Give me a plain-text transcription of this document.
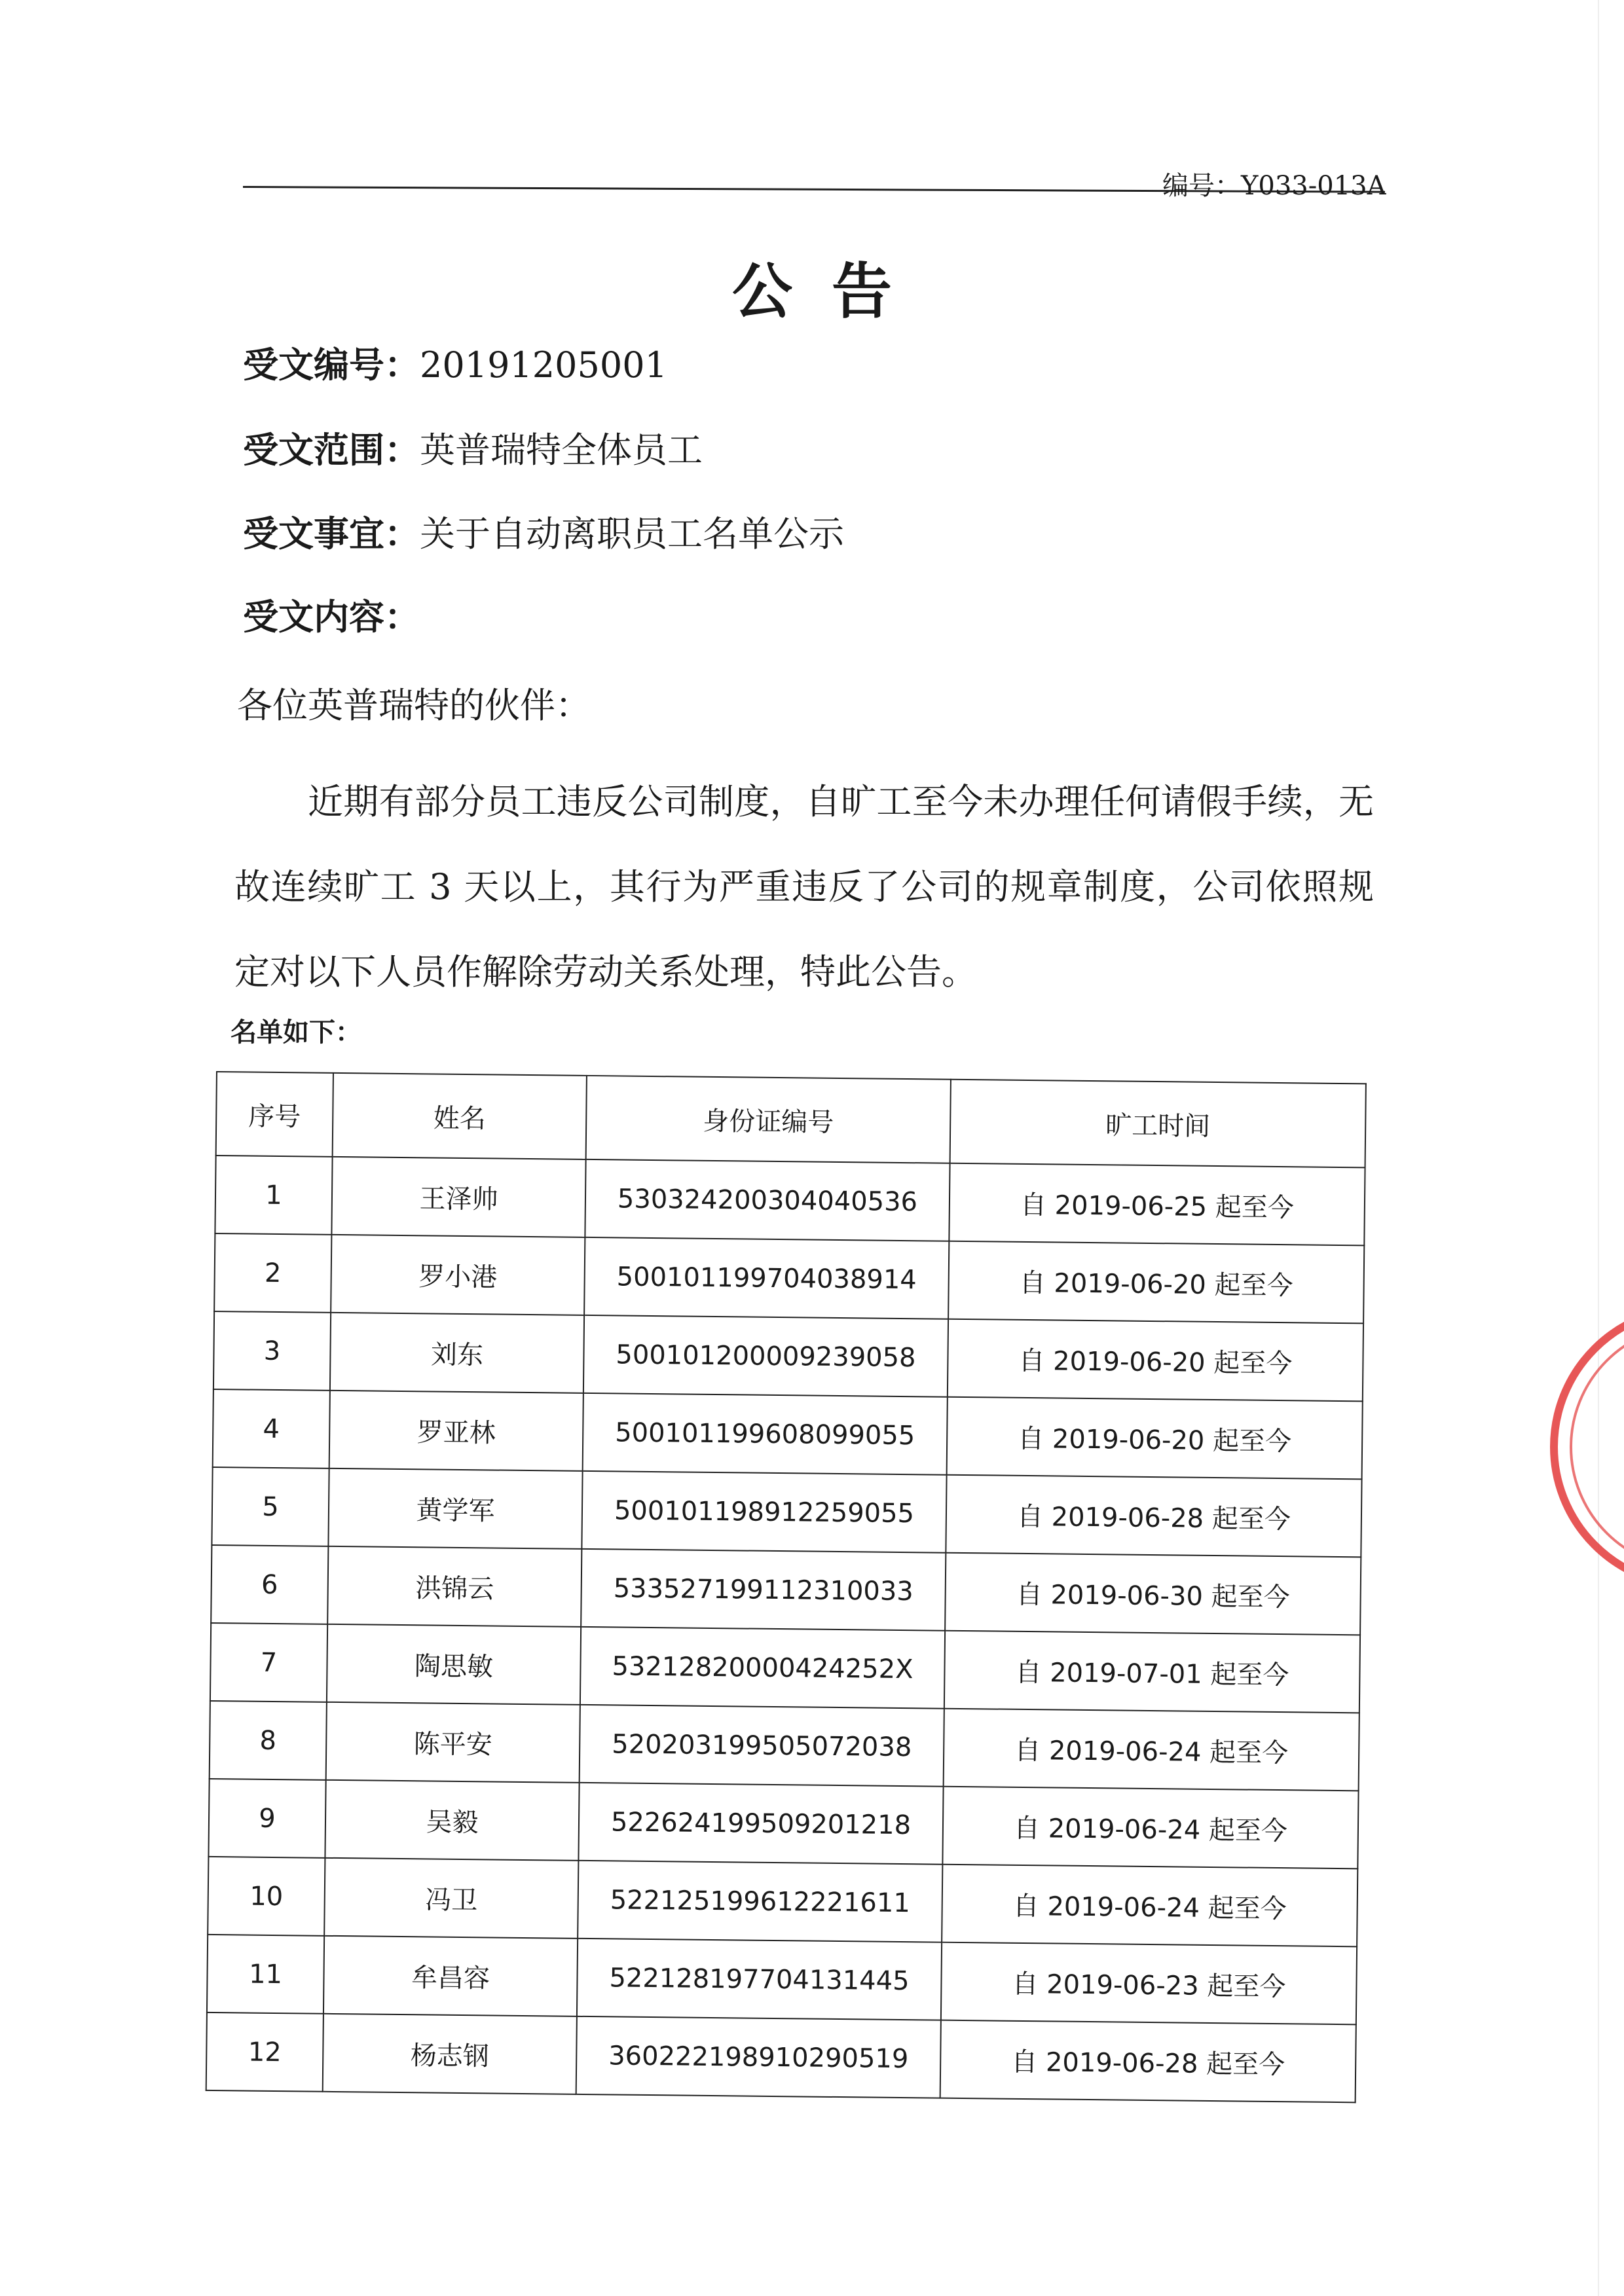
编号：Y033-013A
公告
受文编号：20191205001
受文范围：英普瑞特全体员工
受文事宜：关于自动离职员工名单公示
受文内容：
各位英普瑞特的伙伴：
近期有部分员工违反公司制度，自旷工至今未办理任何请假手续，无故连续旷工 3 天以上，其行为严重违反了公司的规章制度，公司依照规定对以下人员作解除劳动关系处理，特此公告。
名单如下：
序号	姓名	身份证编号	旷工时间
1	王泽帅	530324200304040536	自 2019-06-25 起至今
2	罗小港	500101199704038914	自 2019-06-20 起至今
3	刘东	500101200009239058	自 2019-06-20 起至今
4	罗亚林	500101199608099055	自 2019-06-20 起至今
5	黄学军	500101198912259055	自 2019-06-28 起至今
6	洪锦云	533527199112310033	自 2019-06-30 起至今
7	陶思敏	53212820000424252X	自 2019-07-01 起至今
8	陈平安	520203199505072038	自 2019-06-24 起至今
9	吴毅	522624199509201218	自 2019-06-24 起至今
10	冯卫	522125199612221611	自 2019-06-24 起至今
11	牟昌容	522128197704131445	自 2019-06-23 起至今
12	杨志钢	360222198910290519	自 2019-06-28 起至今
